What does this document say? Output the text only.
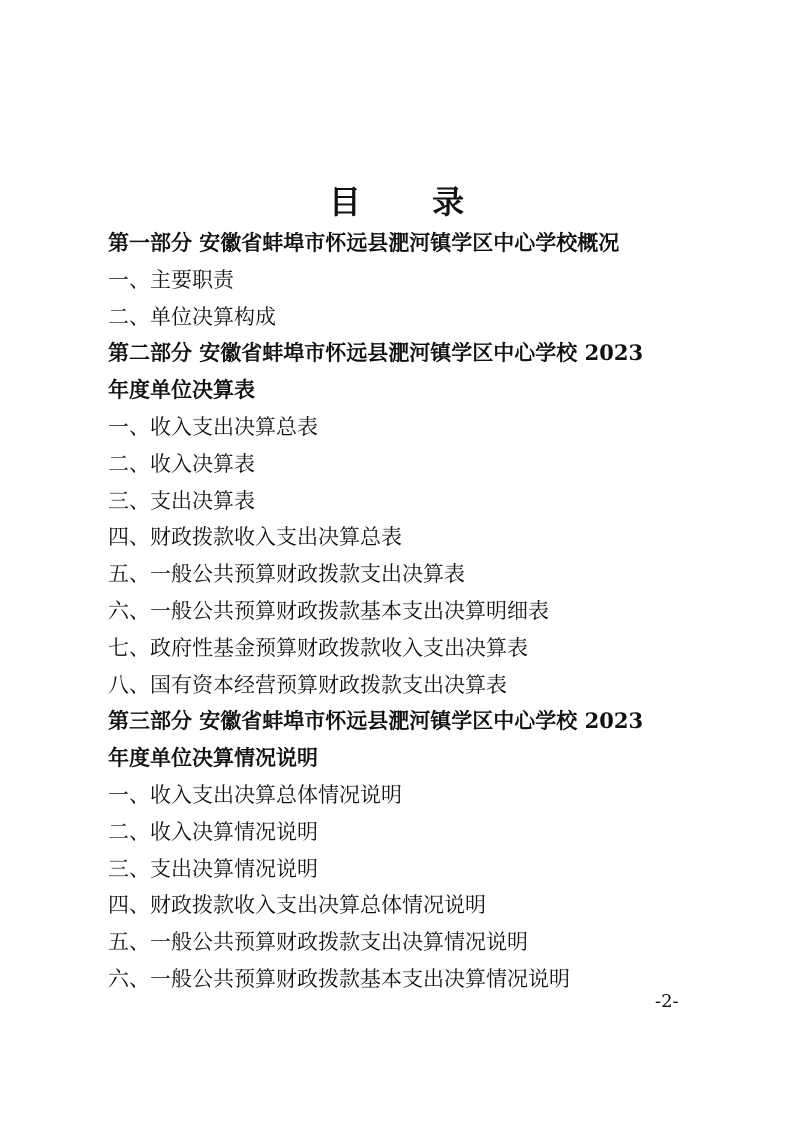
目 录
第一部分 安徽省蚌埠市怀远县淝河镇学区中心学校概况
一、主要职责
二、单位决算构成
第二部分 安徽省蚌埠市怀远县淝河镇学区中心学校 2023
年度单位决算表
一、收入支出决算总表
二、收入决算表
三、支出决算表
四、财政拨款收入支出决算总表
五、一般公共预算财政拨款支出决算表
六、一般公共预算财政拨款基本支出决算明细表
七、政府性基金预算财政拨款收入支出决算表
八、国有资本经营预算财政拨款支出决算表
第三部分 安徽省蚌埠市怀远县淝河镇学区中心学校 2023
年度单位决算情况说明
一、收入支出决算总体情况说明
二、收入决算情况说明
三、支出决算情况说明
四、财政拨款收入支出决算总体情况说明
五、一般公共预算财政拨款支出决算情况说明
六、一般公共预算财政拨款基本支出决算情况说明
-2-
